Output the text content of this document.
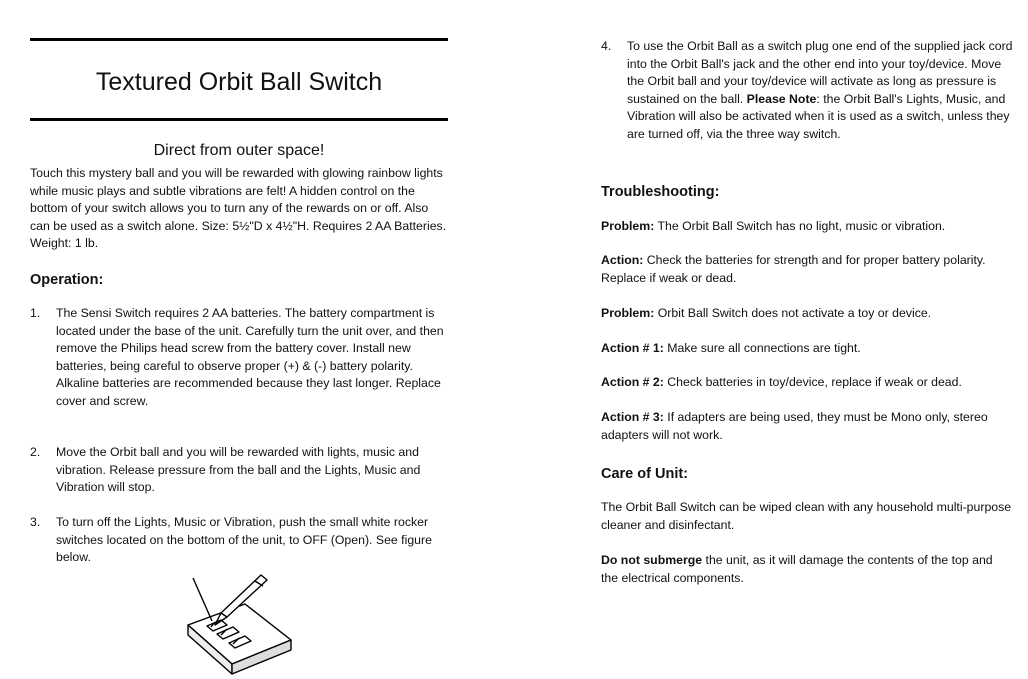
Textured Orbit Ball Switch
Direct from outer space!
Touch this mystery ball and you will be rewarded with glowing rainbow lights while music plays and subtle vibrations are felt! A hidden control on the bottom of your switch allows you to turn any of the rewards on or off. Also can be used as a switch alone. Size: 5½"D x 4½"H. Requires 2 AA Batteries. Weight: 1 lb.
Operation:
1.	The Sensi Switch requires 2 AA batteries. The battery compartment is located under the base of the unit. Carefully turn the unit over, and then remove the Philips head screw from the battery cover. Install new batteries, being careful to observe proper (+) & (-) battery polarity. Alkaline batteries are recommended because they last longer. Replace cover and screw.
2.	Move the Orbit ball and you will be rewarded with lights, music and vibration. Release pressure from the ball and the Lights, Music and Vibration will stop.
3.	To turn off the Lights, Music or Vibration, push the small white rocker switches located on the bottom of the unit, to OFF (Open). See figure below.
4.	To use the Orbit Ball as a switch plug one end of the supplied jack cord into the Orbit Ball's jack and the other end into your toy/device. Move the Orbit ball and your toy/device will activate as long as pressure is sustained on the ball. Please Note: the Orbit Ball's Lights, Music, and Vibration will also be activated when it is used as a switch, unless they are turned off, via the three way switch.
Troubleshooting:
Problem: The Orbit Ball Switch has no light, music or vibration.
Action: Check the batteries for strength and for proper battery polarity. Replace if weak or dead.
Problem: Orbit Ball Switch does not activate a toy or device.
Action # 1: Make sure all connections are tight.
Action # 2: Check batteries in toy/device, replace if weak or dead.
Action # 3: If adapters are being used, they must be Mono only, stereo adapters will not work.
Care of Unit:
The Orbit Ball Switch can be wiped clean with any household multi-purpose cleaner and disinfectant.
Do not submerge the unit, as it will damage the contents of the top and the electrical components.
